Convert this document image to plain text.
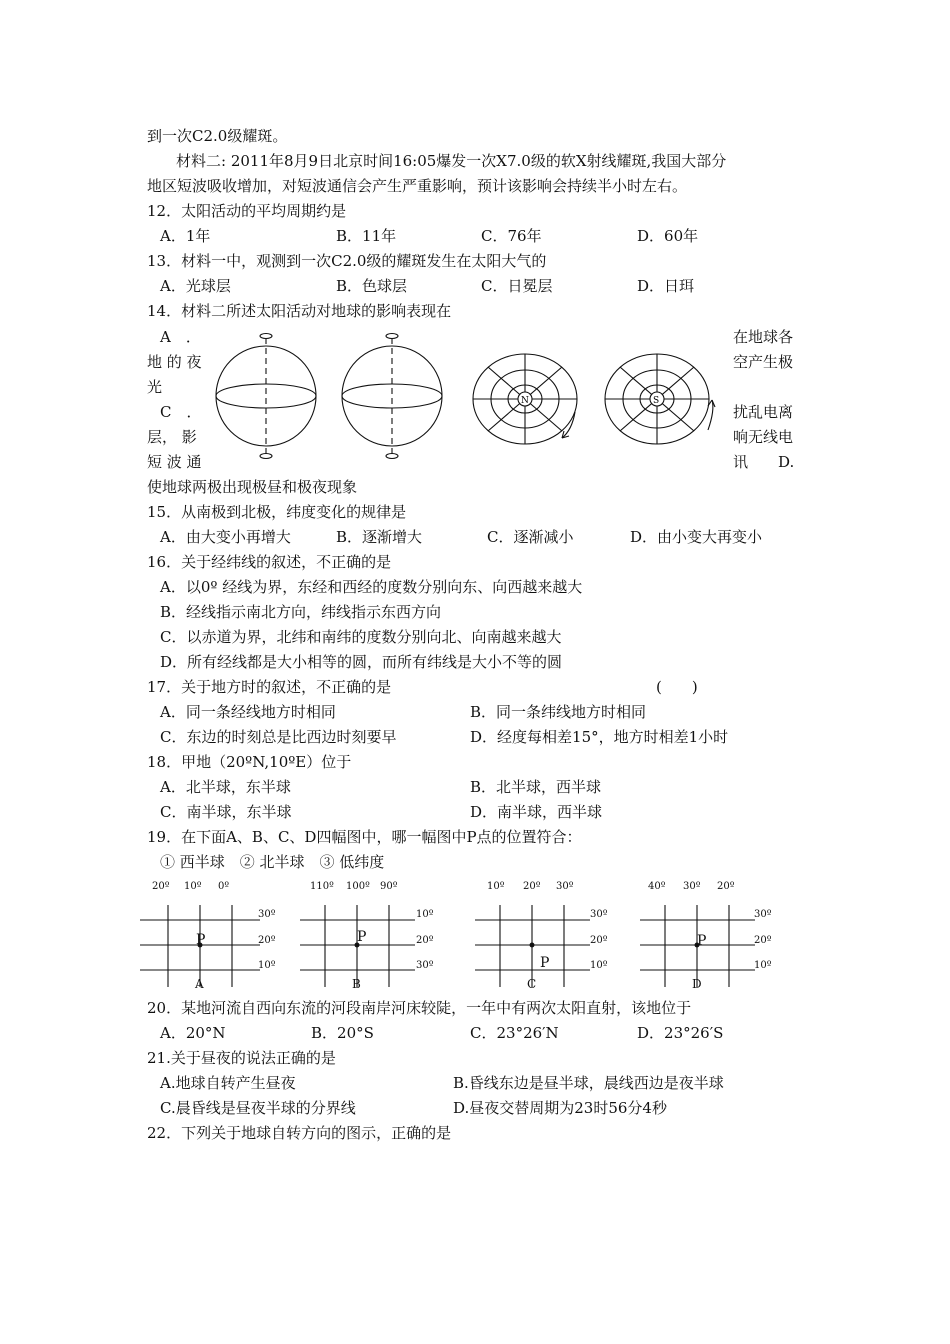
到一次C2.0级耀斑。
材料二: 2011年8月9日北京时间16:05爆发一次X7.0级的软X射线耀斑,我国大部分
地区短波吸收增加，对短波通信会产生严重影响，预计该影响会持续半小时左右。
12．太阳活动的平均周期约是
A．1年	B．11年	C．76年	D．60年
13．材料一中，观测到一次C2.0级的耀斑发生在太阳大气的
A．光球层	B．色球层	C．日冕层	D．日珥
14．材料二所述太阳活动对地球的影响表现在
A　．
地 的 夜
光
C　．
层， 影
短 波 通
在地球各
空产生极
扰乱电离
响无线电
讯　　D.
N	S
使地球两极出现极昼和极夜现象
15．从南极到北极，纬度变化的规律是
A．由大变小再增大	B．逐渐增大	C．逐渐减小	D．由小变大再变小
16．关于经纬线的叙述，不正确的是
A．以0º 经线为界，东经和西经的度数分别向东、向西越来越大
B．经线指示南北方向，纬线指示东西方向
C．以赤道为界，北纬和南纬的度数分别向北、向南越来越大
D．所有经线都是大小相等的圆，而所有纬线是大小不等的圆
17．关于地方时的叙述，不正确的是	(　　)
A．同一条经线地方时相同	B．同一条纬线地方时相同
C．东边的时刻总是比西边时刻要早	D．经度每相差15°，地方时相差1小时
18．甲地（20ºN,10ºE）位于
A．北半球，东半球	B．北半球，西半球
C．南半球，东半球	D．南半球，西半球
19．在下面A、B、C、D四幅图中，哪一幅图中P点的位置符合：
① 西半球　② 北半球　③ 低纬度
20º 10º 0º
30º
20º
10º
110º 100º 90º
10º
20º
30º
10º 20º 30º
30º
20º
10º
40º 30º 20º
30º
20º
10º
P	P
P
P
A	B	C	D
20．某地河流自西向东流的河段南岸河床较陡，一年中有两次太阳直射，该地位于
A．20°N	B．20°S	C．23°26′N	D．23°26′S
21.关于昼夜的说法正确的是
A.地球自转产生昼夜	B.昏线东边是昼半球，晨线西边是夜半球
C.晨昏线是昼夜半球的分界线	D.昼夜交替周期为23时56分4秒
22．下列关于地球自转方向的图示，正确的是
